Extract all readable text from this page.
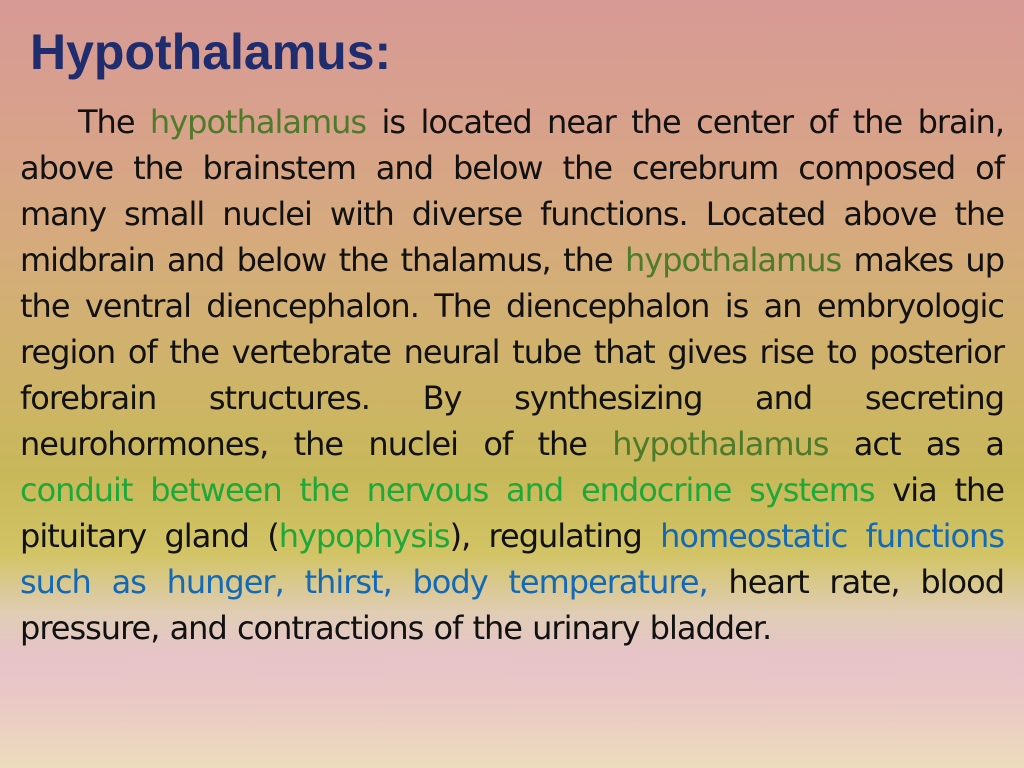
Hypothalamus:

The hypothalamus is located near the center of the brain, above the brainstem and below the cerebrum composed of many small nuclei with diverse functions. Located above the midbrain and below the thalamus, the hypothalamus makes up the ventral diencephalon. The diencephalon is an embryologic region of the vertebrate neural tube that gives rise to posterior forebrain structures. By synthesizing and secreting neurohormones, the nuclei of the hypothalamus act as a conduit between the nervous and endocrine systems via the pituitary gland (hypophysis), regulating homeostatic functions such as hunger, thirst, body temperature, heart rate, blood pressure, and contractions of the urinary bladder.
